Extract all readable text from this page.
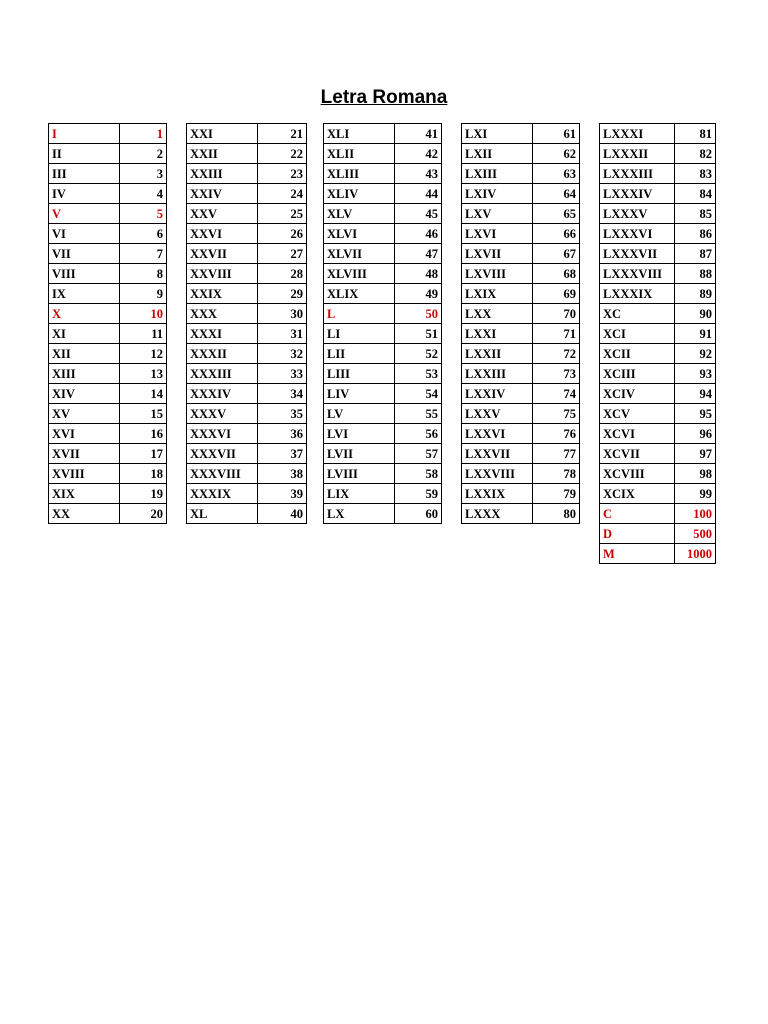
Letra Romana
I	1
II	2
III	3
IV	4
V	5
VI	6
VII	7
VIII	8
IX	9
X	10
XI	11
XII	12
XIII	13
XIV	14
XV	15
XVI	16
XVII	17
XVIII	18
XIX	19
XX	20
XXI	21
XXII	22
XXIII	23
XXIV	24
XXV	25
XXVI	26
XXVII	27
XXVIII	28
XXIX	29
XXX	30
XXXI	31
XXXII	32
XXXIII	33
XXXIV	34
XXXV	35
XXXVI	36
XXXVII	37
XXXVIII	38
XXXIX	39
XL	40
XLI	41
XLII	42
XLIII	43
XLIV	44
XLV	45
XLVI	46
XLVII	47
XLVIII	48
XLIX	49
L	50
LI	51
LII	52
LIII	53
LIV	54
LV	55
LVI	56
LVII	57
LVIII	58
LIX	59
LX	60
LXI	61
LXII	62
LXIII	63
LXIV	64
LXV	65
LXVI	66
LXVII	67
LXVIII	68
LXIX	69
LXX	70
LXXI	71
LXXII	72
LXXIII	73
LXXIV	74
LXXV	75
LXXVI	76
LXXVII	77
LXXVIII	78
LXXIX	79
LXXX	80
LXXXI	81
LXXXII	82
LXXXIII	83
LXXXIV	84
LXXXV	85
LXXXVI	86
LXXXVII	87
LXXXVIII	88
LXXXIX	89
XC	90
XCI	91
XCII	92
XCIII	93
XCIV	94
XCV	95
XCVI	96
XCVII	97
XCVIII	98
XCIX	99
C	100
D	500
M	1000
